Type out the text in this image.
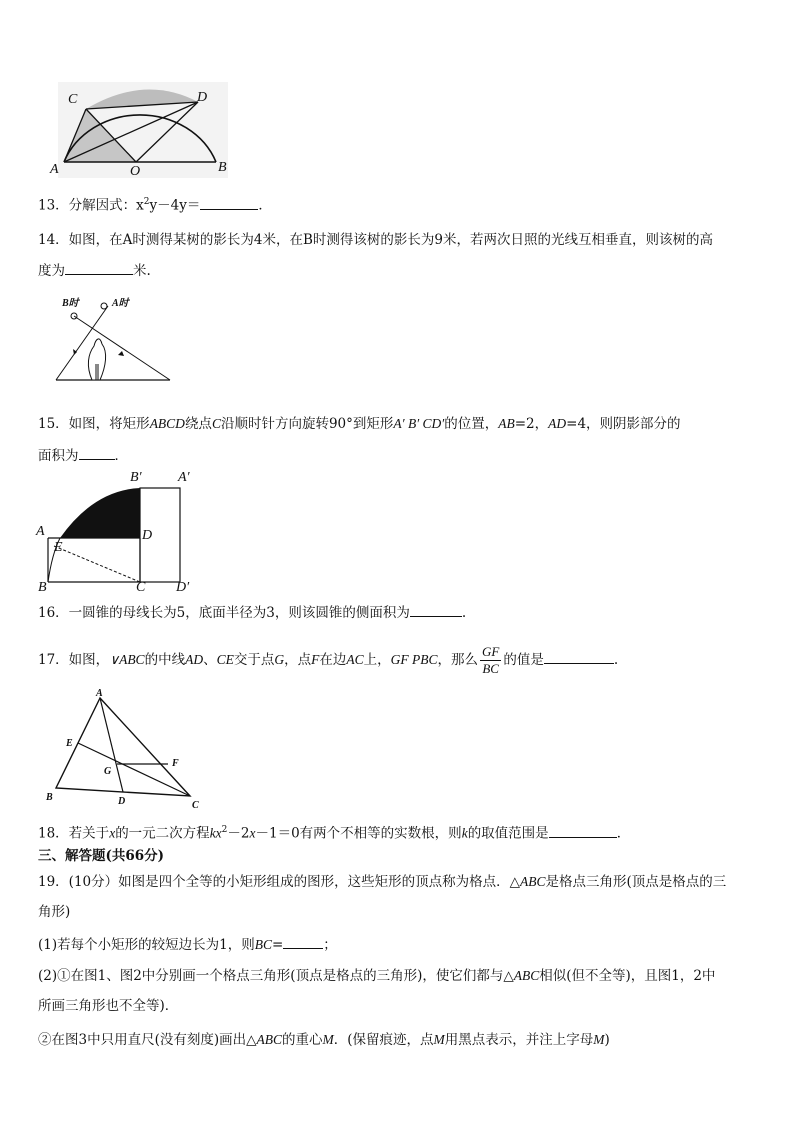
C	D
A	O	B
13．分解因式：$x^2y-4y=$	．
14．如图，在A时测得某树的影长为4米，在B时测得该树的影长为9米，若两次日照的光线互相垂直，则该树的高
度为	米.
B时	A时
15．如图，将矩形ABCD绕点C沿顺时针方向旋转90°到矩形A′ B′ CD′的位置，AB=2，AD=4，则阴影部分的
面积为	．
B′	A′
A
E
D
B	C D′
16．一圆锥的母线长为5，底面半径为3，则该圆锥的侧面积为	.
17．如图，∨ABC的中线AD、CE交于点G，点F在边AC上，GF PBC，那么 $\frac{GF}{BC}$ 的值是	.
A
E
F
G
B	D	C
18．若关于x的一元二次方程$kx^2-2x-1=0$有两个不相等的实数根，则k的取值范围是	．
三、解答题(共66分)
19．(10分）如图是四个全等的小矩形组成的图形，这些矩形的顶点称为格点．△ABC是格点三角形(顶点是格点的三
角形)
(1)若每个小矩形的较短边长为1，则BC=	；
(2)①在图1、图2中分别画一个格点三角形(顶点是格点的三角形)，使它们都与△ABC相似(但不全等)，且图1，2中
所画三角形也不全等)．
②在图3中只用直尺(没有刻度)画出△ABC的重心M．(保留痕迹，点M用黑点表示，并注上字母M)
